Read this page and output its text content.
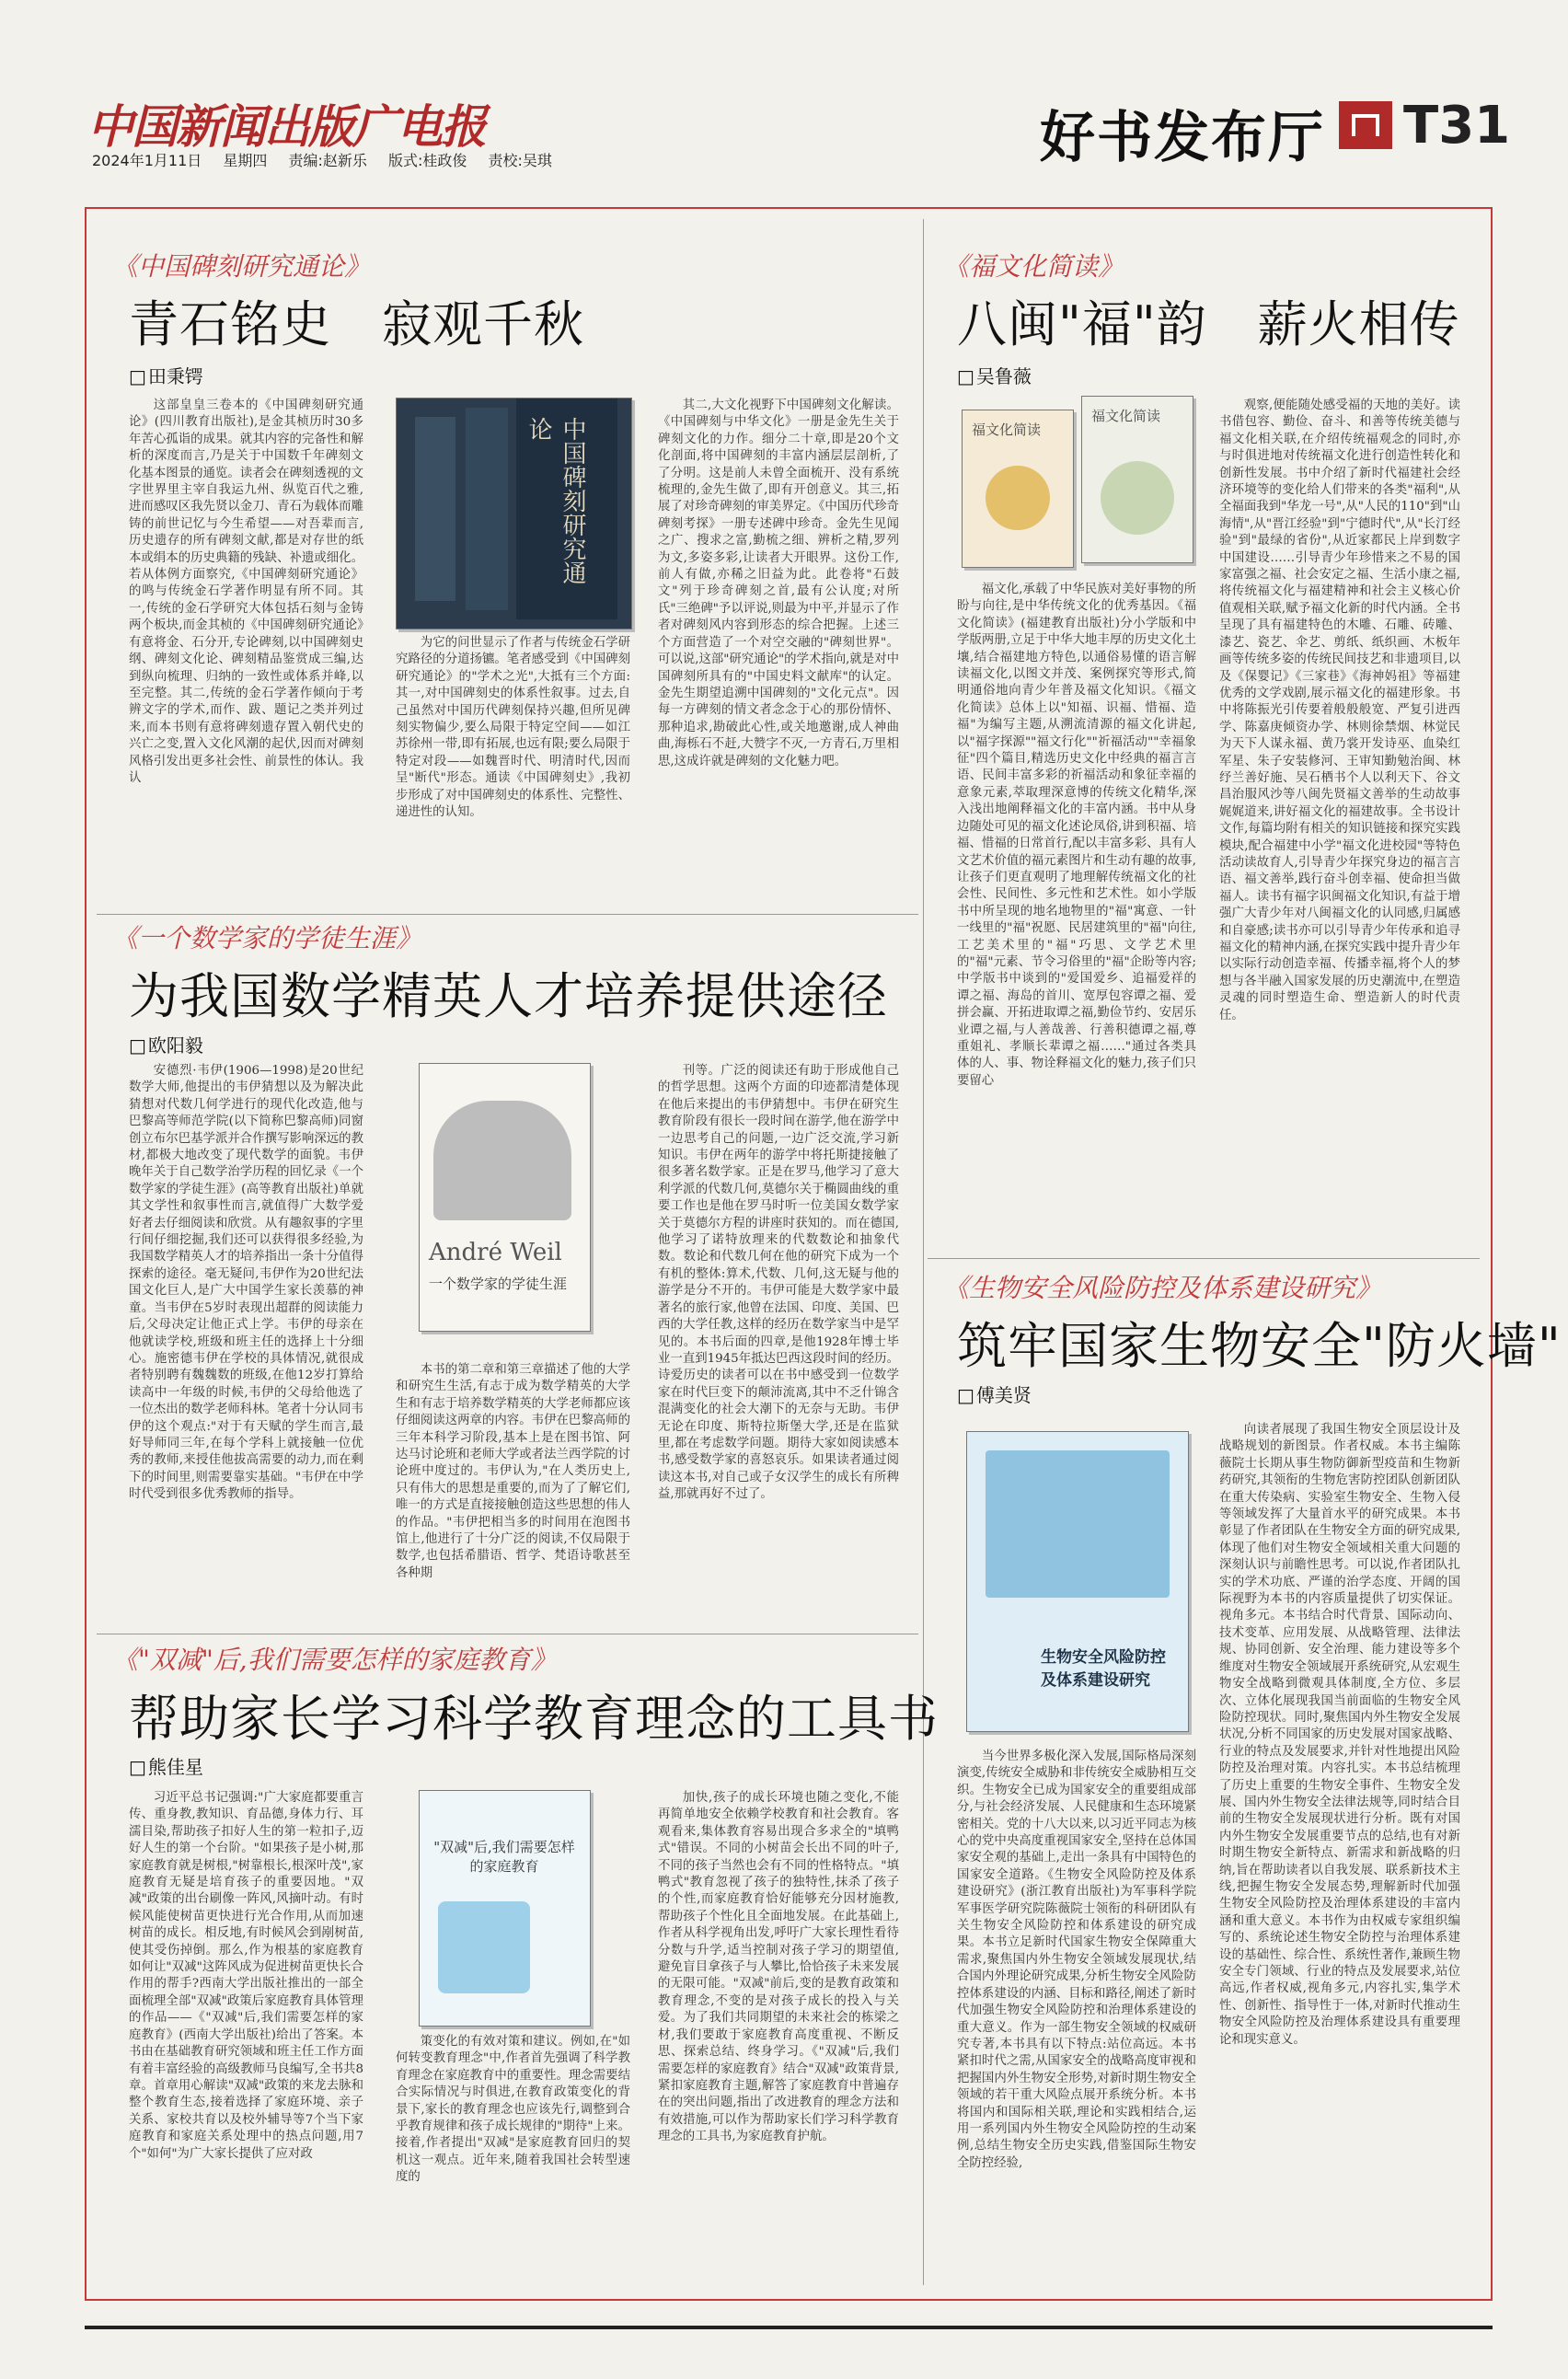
中国新闻出版广电报
2024年1月11日 星期四 责编:赵新乐 版式:桂政俊 责校:吴琪	好书发布厅 T31
《中国碑刻研究通论》
青石铭史　寂观千秋
□ 田秉锷

这部皇皇三卷本的《中国碑刻研究通论》(四川教育出版社),是金其桢历时30多年苦心孤诣的成果。就其内容的完备性和解析的深度而言,乃是关于中国数千年碑刻文化基本图景的通览。读者会在碑刻透视的文字世界里主宰自我运九州、纵览百代之雅,进而感叹区我先贤以金刀、青石为载体而雕铸的前世记忆与今生希望——对吾辈而言,历史遗存的所有碑刻文献,都是对存世的纸本或绢本的历史典籍的残缺、补遗或细化。若从体例方面察究,《中国碑刻研究通论》的鸣与传统金石学著作明显有所不同。其一,传统的金石学研究大体包括石刻与金铸两个板块,而金其桢的《中国碑刻研究通论》有意将金、石分开,专论碑刻,以中国碑刻史纲、碑刻文化论、碑刻精品鉴赏成三编,达到纵向梳理、归纳的一致性或体系并峰,以至完整。其二,传统的金石学著作倾向于考辨文字的学术,而作、跋、题记之类并列过来,而本书则有意将碑刻遗存置入朝代史的兴亡之变,置入文化风潮的起伏,因而对碑刻风格引发出更多社会性、前景性的体认。我认

中国碑刻研究通论

为它的问世显示了作者与传统金石学研究路径的分道扬镳。笔者感受到《中国碑刻研究通论》的"学术之光",大抵有三个方面:其一,对中国碑刻史的体系性叙事。过去,自己虽然对中国历代碑刻保持兴趣,但所见碑刻实物偏少,要么局限于特定空间——如江苏徐州一带,即有拓展,也远有限;要么局限于特定对段——如魏晋时代、明清时代,因而呈"断代"形态。通读《中国碑刻史》,我初步形成了对中国碑刻史的体系性、完整性、递进性的认知。

其二,大文化视野下中国碑刻文化解读。《中国碑刻与中华文化》一册是金先生关于碑刻文化的力作。细分二十章,即是20个文化剖面,将中国碑刻的丰富内涵层层剖析,了了分明。这是前人未曾全面梳开、没有系统梳理的,金先生做了,即有开创意义。其三,拓展了对珍奇碑刻的审美界定。《中国历代珍奇碑刻考探》一册专述碑中珍奇。金先生见闻之广、搜求之富,勤梳之细、辨析之精,罗列为文,多姿多彩,让读者大开眼界。这份工作,前人有做,亦稀之旧益为此。此卷将"石鼓文"列于珍奇碑刻之首,最有公认度;对所氏"三绝碑"予以评说,则最为中平,并显示了作者对碑刻风内容到形态的综合把握。上述三个方面营造了一个对空交融的"碑刻世界"。可以说,这部"研究通论"的学术指向,就是对中国碑刻所具有的"中国史料文献库"的认定。金先生期望追溯中国碑刻的"文化元点"。因每一方碑刻的情文者念念于心的那份情怀、那种追求,勘破此心性,或关地邀谢,成人神曲曲,海栎石不赶,大赞字不灭,一方青石,万里相思,这成许就是碑刻的文化魅力吧。

《一个数学家的学徒生涯》
为我国数学精英人才培养提供途径
□ 欧阳毅

安德烈·韦伊(1906—1998)是20世纪数学大师,他提出的韦伊猜想以及为解决此猜想对代数几何学进行的现代化改造,他与巴黎高等师范学院(以下简称巴黎高师)同窗创立布尔巴基学派并合作撰写影响深远的教材,都极大地改变了现代数学的面貌。韦伊晚年关于自己数学治学历程的回忆录《一个数学家的学徒生涯》(高等教育出版社)单就其文学性和叙事性而言,就值得广大数学爱好者去仔细阅读和欣赏。从有趣叙事的字里行间仔细挖掘,我们还可以获得很多经验,为我国数学精英人才的培养指出一条十分值得探索的途径。毫无疑问,韦伊作为20世纪法国文化巨人,是广大中国学生家长羡慕的神童。当韦伊在5岁时表现出超群的阅读能力后,父母决定让他正式上学。韦伊的母亲在他就读学校,班级和班主任的选择上十分细心。施密德韦伊在学校的具体情况,就很成者特别聘有魏魏数的班级,在他12岁打算给读高中一年级的时候,韦伊的父母给他选了一位杰出的数学老师科林。笔者十分认同韦伊的这个观点:"对于有天赋的学生而言,最好导师同三年,在每个学科上就接触一位优秀的教师,来授佳他拔高需要的动力,而在剩下的时间里,则需要靠实基础。"韦伊在中学时代受到很多优秀教师的指导。

André Weil
一个数学家的学徒生涯

本书的第二章和第三章描述了他的大学和研究生生活,有志于成为数学精英的大学生和有志于培养数学精英的大学老师都应该仔细阅读这两章的内容。韦伊在巴黎高师的三年本科学习阶段,基本上是在图书馆、阿达马讨论班和老师大学或者法兰西学院的讨论班中度过的。韦伊认为,"在人类历史上,只有伟大的思想是重要的,而为了了解它们,唯一的方式是直接接触创造这些思想的伟人的作品。"韦伊把相当多的时间用在泡图书馆上,他进行了十分广泛的阅读,不仅局限于数学,也包括希腊语、哲学、梵语诗歌甚至各种期

刊等。广泛的阅读还有助于形成他自己的哲学思想。这两个方面的印迹都清楚体现在他后来提出的韦伊猜想中。韦伊在研究生教育阶段有很长一段时间在游学,他在游学中一边思考自己的问题,一边广泛交流,学习新知识。韦伊在两年的游学中将托斯捷接触了很多著名数学家。正是在罗马,他学习了意大利学派的代数几何,莫德尔关于椭圆曲线的重要工作也是他在罗马时听一位美国女数学家关于莫德尔方程的讲座时获知的。而在德国,他学习了诺特放理来的代数数论和抽象代数。数论和代数几何在他的研究下成为一个有机的整体:算术,代数、几何,这无疑与他的游学是分不开的。韦伊可能是大数学家中最著名的旅行家,他曾在法国、印度、美国、巴西的大学任教,这样的经历在数学家当中是罕见的。本书后面的四章,是他1928年博士毕业一直到1945年抵达巴西这段时间的经历。诗爱历史的读者可以在书中感受到一位数学家在时代巨变下的颠沛流离,其中不乏什锦含混满变化的社会大潮下的无奈与无助。韦伊无论在印度、斯特拉斯堡大学,还是在监狱里,都在考虑数学问题。期待大家如阅读感本书,感受数学家的喜怒哀乐。如果读者通过阅读这本书,对自己或子女汉学生的成长有所稗益,那就再好不过了。

《"双减"后,我们需要怎样的家庭教育》
帮助家长学习科学教育理念的工具书
□ 熊佳星

习近平总书记强调:"广大家庭都要重言传、重身教,教知识、育品德,身体力行、耳濡目染,帮助孩子扣好人生的第一粒扣子,迈好人生的第一个台阶。"如果孩子是小树,那家庭教育就是树根,"树靠根长,根深叶茂",家庭教育无疑是培育孩子的重要因地。"双减"政策的出台刷像一阵风,风摘叶动。有时候风能使树苗更快进行光合作用,从而加速树苗的成长。相反地,有时候风会到剐树苗,使其受伤掉倒。那么,作为根基的家庭教育如何让"双减"这阵风成为促进树苗更快长合作用的帮手?西南大学出版社推出的一部全面梳理全部"双减"政策后家庭教育具体管理的作品——《"双减"后,我们需要怎样的家庭教育》(西南大学出版社)给出了答案。本书由在基础教育研究领域和班主任工作方面有着丰富经验的高级教师马良编写,全书共8章。首章用心解读"双减"政策的来龙去脉和整个教育生态,接着选择了家庭环境、亲子关系、家校共育以及校外辅导等7个当下家庭教育和家庭关系处理中的热点问题,用7个"如何"为广大家长提供了应对政

"双减"后,我们需要怎样的家庭教育

策变化的有效对策和建议。例如,在"如何转变教育理念"中,作者首先强调了科学教育理念在家庭教育中的重要性。理念需要结合实际情况与时俱进,在教育政策变化的背景下,家长的教育理念也应该先行,调整到合乎教育规律和孩子成长规律的"期待"上来。接着,作者提出"双减"是家庭教育回归的契机这一观点。近年来,随着我国社会转型速度的

加快,孩子的成长环境也随之变化,不能再简单地安全依赖学校教育和社会教育。客观看来,集体教育容易出现合多求全的"填鸭式"错误。不同的小树苗会长出不同的叶子,不同的孩子当然也会有不同的性格特点。"填鸭式"教育忽视了孩子的独特性,抹杀了孩子的个性,而家庭教育恰好能够充分因材施教,帮助孩子个性化且全面地发展。在此基础上,作者从科学视角出发,呼吁广大家长理性看待分数与升学,适当控制对孩子学习的期望值,避免盲目拿孩子与人攀比,恰恰孩子未来发展的无限可能。"双减"前后,变的是教育政策和教育理念,不变的是对孩子成长的投入与关爱。为了我们共同期望的未来社会的栋梁之材,我们要敢于家庭教育高度重视、不断反思、探索总结、终身学习。《"双减"后,我们需要怎样的家庭教育》结合"双减"政策背景,紧扣家庭教育主题,解答了家庭教育中普遍存在的突出问题,指出了改进教育的理念方法和有效措施,可以作为帮助家长们学习科学教育理念的工具书,为家庭教育护航。

《福文化简读》
八闽"福"韵　薪火相传
□ 吴鲁薇
福文化简读
福文化简读

福文化,承载了中华民族对美好事物的所盼与向往,是中华传统文化的优秀基因。《福文化简读》(福建教育出版社)分小学版和中学版两册,立足于中华大地丰厚的历史文化土壤,结合福建地方特色,以通俗易懂的语言解读福文化,以图文并茂、案例探究等形式,简明通俗地向青少年普及福文化知识。《福文化简读》总体上以"知福、识福、惜福、造福"为编写主题,从溯流清源的福文化讲起,以"福字探源""福文行化""祈福活动""幸福象征"四个篇目,精选历史文化中经典的福言言语、民间丰富多彩的祈福活动和象征幸福的意象元素,萃取理深意博的传统文化精华,深入浅出地阐释福文化的丰富内涵。书中从身边随处可见的福文化述论凤俗,讲到积福、培福、惜福的日常首行,配以丰富多彩、具有人文艺术价值的福元素图片和生动有趣的故事,让孩子们更直观明了地理解传统福文化的社会性、民间性、多元性和艺术性。如小学版书中所呈现的地名地物里的"福"寓意、一针一线里的"福"祝愿、民居建筑里的"福"向往,工艺美术里的"福"巧思、文学艺术里的"福"元素、节令习俗里的"福"企盼等内容;中学版书中谈到的"爱国爱乡、追福爱祥的谭之福、海岛的首川、宽厚包容谭之福、爱拼会赢、开拓进取谭之福,勤俭节约、安居乐业谭之福,与人善哉善、行善积德谭之福,尊重姐礼、孝顺长辈谭之福……"通过各类具体的人、事、物诠释福文化的魅力,孩子们只要留心

观察,便能随处感受福的天地的美好。读书借包容、勤俭、奋斗、和善等传统美德与福文化相关联,在介绍传统福观念的同时,亦与时俱进地对传统福文化进行创造性转化和创新性发展。书中介绍了新时代福建社会经济环境等的变化给人们带来的各类"福利",从全福面我到"华龙一号",从"人民的110"到"山海情",从"晋江经验"到"宁德时代",从"长汀经验"到"最绿的省份",从近家都民上岸到数字中国建设……引导青少年珍惜来之不易的国家富强之福、社会安定之福、生活小康之福,将传统福文化与福建精神和社会主义核心价值观相关联,赋予福文化新的时代内涵。全书呈现了具有福建特色的木雕、石雕、砖雕、漆艺、瓷艺、伞艺、剪纸、纸织画、木板年画等传统多姿的传统民间技艺和非遗项目,以及《保婴记》《三家巷》《海神妈祖》等福建优秀的文学戏剧,展示福文化的福建形象。书中将陈振光引传要着般般般宽、严复引进西学、陈嘉庚倾资办学、林则徐禁烟、林觉民为天下人谋永福、黄乃裳开发诗巫、血染红军星、朱子安装修河、王审知勤勉治闽、林纾兰善好施、吴石栖书个人以利天下、谷文昌治服风沙等八闽先贤福文善举的生动故事娓娓道来,讲好福文化的福建故事。全书设计文作,每篇均附有相关的知识链接和探究实践模块,配合福建中小学"福文化进校园"等特色活动读故育人,引导青少年探究身边的福言言语、福文善举,践行奋斗创幸福、使命担当做福人。读书有福字识闽福文化知识,有益于增强广大青少年对八闽福文化的认同感,归属感和自豪感;读书亦可以引导青少年传承和追寻福文化的精神内涵,在探究实践中提升青少年以实际行动创造幸福、传播幸福,将个人的梦想与各半融入国家发展的历史潮流中,在塑造灵魂的同时塑造生命、塑造新人的时代责任。

《生物安全风险防控及体系建设研究》
筑牢国家生物安全"防火墙"
□ 傅美贤
生物安全风险防控及体系建设研究

当今世界多极化深入发展,国际格局深刻演变,传统安全威胁和非传统安全威胁相互交织。生物安全已成为国家安全的重要组成部分,与社会经济发展、人民健康和生态环境紧密相关。党的十八大以来,以习近平同志为核心的党中央高度重视国家安全,坚持在总体国家安全观的基础上,走出一条具有中国特色的国家安全道路。《生物安全风险防控及体系建设研究》(浙江教育出版社)为军事科学院军事医学研究院陈薇院士领衔的科研团队有关生物安全风险防控和体系建设的研究成果。本书立足新时代国家生物安全保障重大需求,聚焦国内外生物安全领域发展现状,结合国内外理论研究成果,分析生物安全风险防控体系建设的内涵、目标和路径,阐述了新时代加强生物安全风险防控和治理体系建设的重大意义。作为一部生物安全领域的权威研究专著,本书具有以下特点:站位高远。本书紧扣时代之需,从国家安全的战略高度审视和把握国内外生物安全形势,对新时期生物安全领域的若干重大风险点展开系统分析。本书将国内和国际相关联,理论和实践相结合,运用一系列国内外生物安全风险防控的生动案例,总结生物安全历史实践,借鉴国际生物安全防控经验,

向读者展现了我国生物安全顶层设计及战略规划的新图景。作者权威。本书主编陈薇院士长期从事生物防御新型疫苗和生物新药研究,其领衔的生物危害防控团队创新团队在重大传染病、实验室生物安全、生物入侵等领域发挥了大量首水平的研究成果。本书彰显了作者团队在生物安全方面的研究成果,体现了他们对生物安全领域相关重大问题的深刻认识与前瞻性思考。可以说,作者团队扎实的学术功底、严谨的治学态度、开阔的国际视野为本书的内容质量提供了切实保证。视角多元。本书结合时代背景、国际动向、技术变革、应用发展、从战略管理、法律法规、协同创新、安全治理、能力建设等多个维度对生物安全领域展开系统研究,从宏观生物安全战略到微观具体制度,全方位、多层次、立体化展现我国当前面临的生物安全风险防控现状。同时,聚焦国内外生物安全发展状况,分析不同国家的历史发展对国家战略、行业的特点及发展要求,并针对性地提出风险防控及治理对策。内容扎实。本书总结梳理了历史上重要的生物安全事件、生物安全发展、国内外生物安全法律法规等,同时结合目前的生物安全发展现状进行分析。既有对国内外生物安全发展重要节点的总结,也有对新时期生物安全新特点、新需求和新战略的归纳,旨在帮助读者以自我发展、联系新技术主线,把握生物安全发展态势,理解新时代加强生物安全风险防控及治理体系建设的丰富内涵和重大意义。本书作为由权威专家组织编写的、系统论述生物安全防控与治理体系建设的基础性、综合性、系统性著作,兼顾生物安全专门领域、行业的特点及发展要求,站位高远,作者权威,视角多元,内容扎实,集学术性、创新性、指导性于一体,对新时代推动生物安全风险防控及治理体系建设具有重要理论和现实意义。
